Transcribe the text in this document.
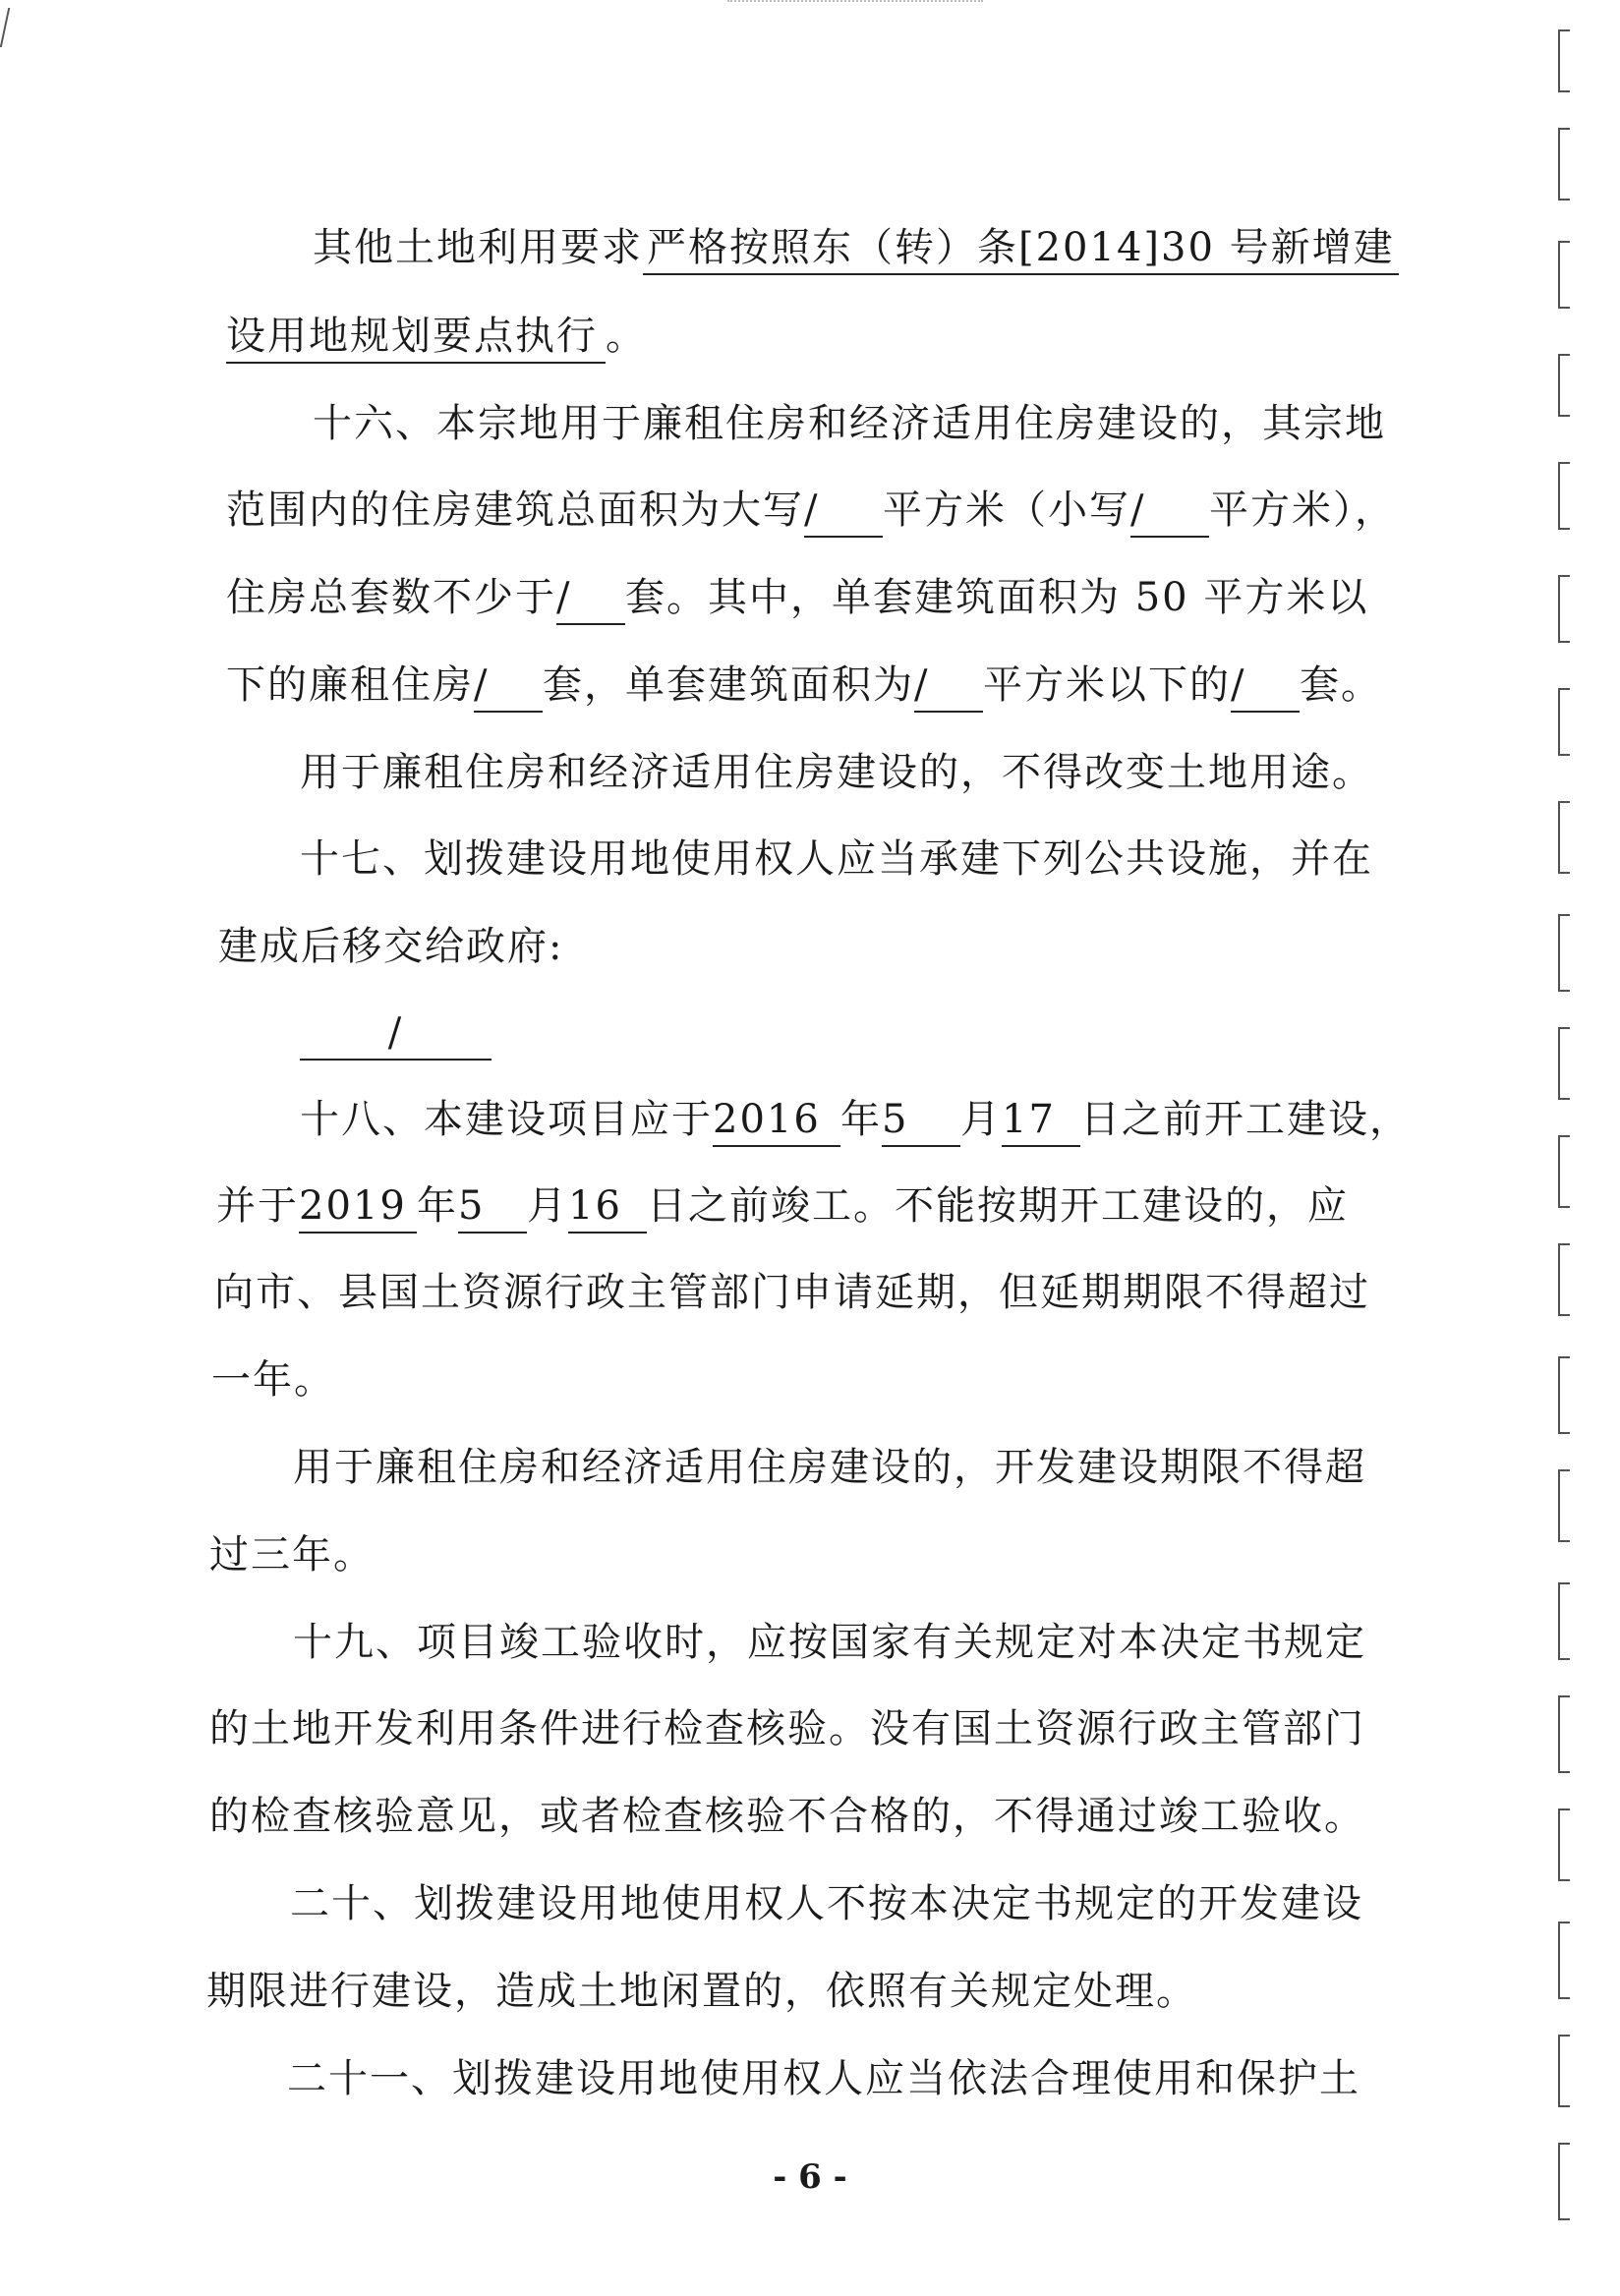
其他土地利用要求 严格按照东（转）条[2014]30 号新增建
设用地规划要点执行 。
十六、本宗地用于廉租住房和经济适用住房建设的，其宗地
范围内的住房建筑总面积为大写/ 平方米（小写/ 平方米），
住房总套数不少于/ 套。其中，单套建筑面积为 50 平方米以
下的廉租住房/ 套，单套建筑面积为/ 平方米以下的/ 套。
用于廉租住房和经济适用住房建设的，不得改变土地用途。
十七、划拨建设用地使用权人应当承建下列公共设施，并在
建成后移交给政府:
/
十八、本建设项目应于2016 年5 月17 日之前开工建设，
并于2019 年5 月16 日之前竣工。不能按期开工建设的，应
向市、县国土资源行政主管部门申请延期，但延期期限不得超过
一年。
用于廉租住房和经济适用住房建设的，开发建设期限不得超
过三年。
十九、项目竣工验收时，应按国家有关规定对本决定书规定
的土地开发利用条件进行检查核验。没有国土资源行政主管部门
的检查核验意见，或者检查核验不合格的，不得通过竣工验收。
二十、划拨建设用地使用权人不按本决定书规定的开发建设
期限进行建设，造成土地闲置的，依照有关规定处理。
二十一、划拨建设用地使用权人应当依法合理使用和保护土
- 6 -
